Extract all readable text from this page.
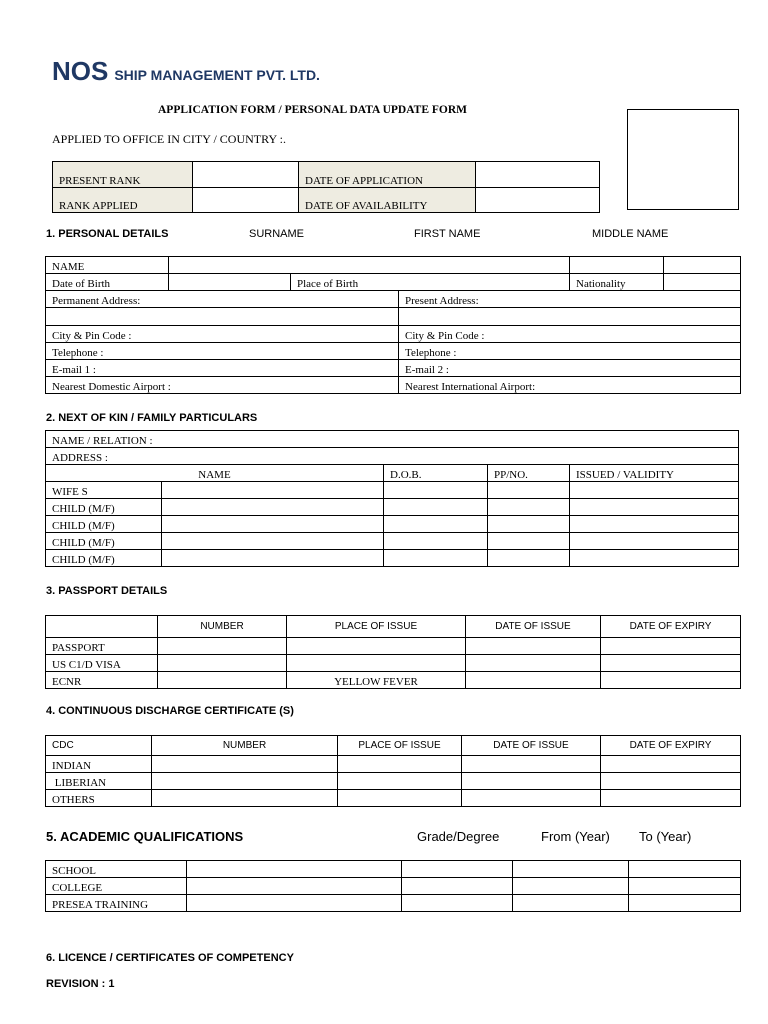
NOS SHIP MANAGEMENT PVT. LTD.
APPLICATION FORM / PERSONAL DATA UPDATE FORM
APPLIED TO OFFICE IN CITY / COUNTRY :.
PRESENT RANK		DATE OF APPLICATION	
RANK APPLIED		DATE OF AVAILABILITY	
1. PERSONAL DETAILS	SURNAME	FIRST NAME	MIDDLE NAME
NAME					
Date of Birth		Place of Birth		Nationality	
Permanent Address:			Present Address:		

City & Pin Code :			City & Pin Code :		
Telephone :			Telephone :		
E-mail 1 :			E-mail 2 :		
Nearest Domestic Airport :			Nearest International Airport:		
2. NEXT OF KIN / FAMILY PARTICULARS
NAME / RELATION :				
ADDRESS :				
NAME		D.O.B.	PP/NO.	ISSUED / VALIDITY
WIFE S				
CHILD (M/F)				
CHILD (M/F)				
CHILD (M/F)				
CHILD (M/F)				
3. PASSPORT DETAILS
	NUMBER	PLACE OF ISSUE	DATE OF ISSUE	DATE OF EXPIRY
PASSPORT				
US C1/D VISA				
ECNR		YELLOW FEVER		
4. CONTINUOUS DISCHARGE CERTIFICATE (S)
CDC	NUMBER	PLACE OF ISSUE	DATE OF ISSUE	DATE OF EXPIRY
INDIAN				
LIBERIAN				
OTHERS				
5. ACADEMIC QUALIFICATIONS	Grade/Degree	From (Year) To (Year)
SCHOOL				
COLLEGE				
PRESEA TRAINING				
6. LICENCE / CERTIFICATES OF COMPETENCY
REVISION : 1
